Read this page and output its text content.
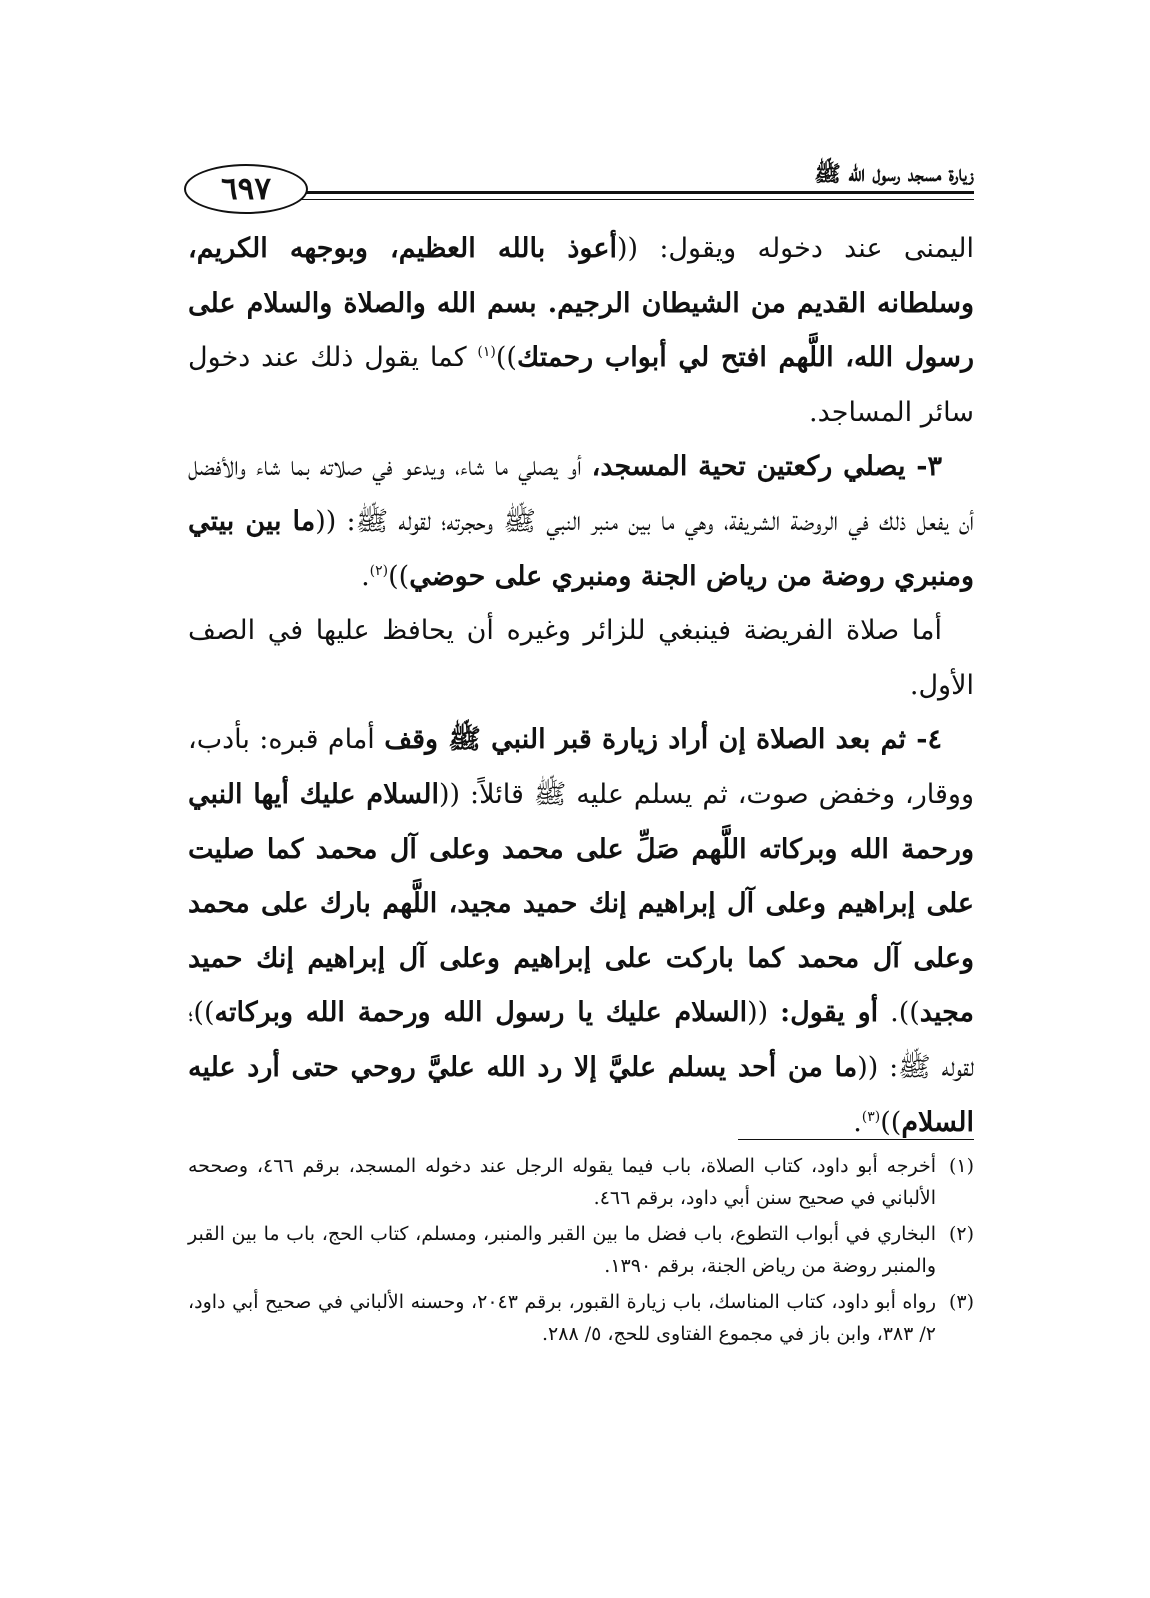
٦٩٧	زيارة مسجد رسول الله ﷺ

اليمنى عند دخوله ويقول: ((أعوذ بالله العظيم، وبوجهه الكريم، وسلطانه القديم من الشيطان الرجيم. بسم الله والصلاة والسلام على رسول الله، اللَّهم افتح لي أبواب رحمتك))$^{(١)}$ كما يقول ذلك عند دخول سائر المساجد.

٣- يصلي ركعتين تحية المسجد، أو يصلي ما شاء، ويدعو في صلاته بما شاء والأفضل أن يفعل ذلك في الروضة الشريفة، وهي ما بين منبر النبي ﷺ وحجرته؛ لقوله ﷺ: ((ما بين بيتي ومنبري روضة من رياض الجنة ومنبري على حوضي))$^{(٢)}$.

أما صلاة الفريضة فينبغي للزائر وغيره أن يحافظ عليها في الصف الأول.

٤- ثم بعد الصلاة إن أراد زيارة قبر النبي ﷺ وقف أمام قبره: بأدب، ووقار، وخفض صوت، ثم يسلم عليه ﷺ قائلاً: ((السلام عليك أيها النبي ورحمة الله وبركاته اللَّهم صَلِّ على محمد وعلى آل محمد كما صليت على إبراهيم وعلى آل إبراهيم إنك حميد مجيد، اللَّهم بارك على محمد وعلى آل محمد كما باركت على إبراهيم وعلى آل إبراهيم إنك حميد مجيد)). أو يقول: ((السلام عليك يا رسول الله ورحمة الله وبركاته))؛ لقوله ﷺ: ((ما من أحد يسلم عليَّ إلا رد الله عليَّ روحي حتى أرد عليه السلام))$^{(٣)}$.

(١)
أخرجه أبو داود، كتاب الصلاة، باب فيما يقوله الرجل عند دخوله المسجد، برقم ٤٦٦، وصححه الألباني في صحيح سنن أبي داود، برقم ٤٦٦.

(٢)
البخاري في أبواب التطوع، باب فضل ما بين القبر والمنبر، ومسلم، كتاب الحج، باب ما بين القبر والمنبر روضة من رياض الجنة، برقم ١٣٩٠.

(٣)
رواه أبو داود، كتاب المناسك، باب زيارة القبور، برقم ٢٠٤٣، وحسنه الألباني في صحيح أبي داود، ٢/ ٣٨٣، وابن باز في مجموع الفتاوى للحج، ٥/ ٢٨٨.
